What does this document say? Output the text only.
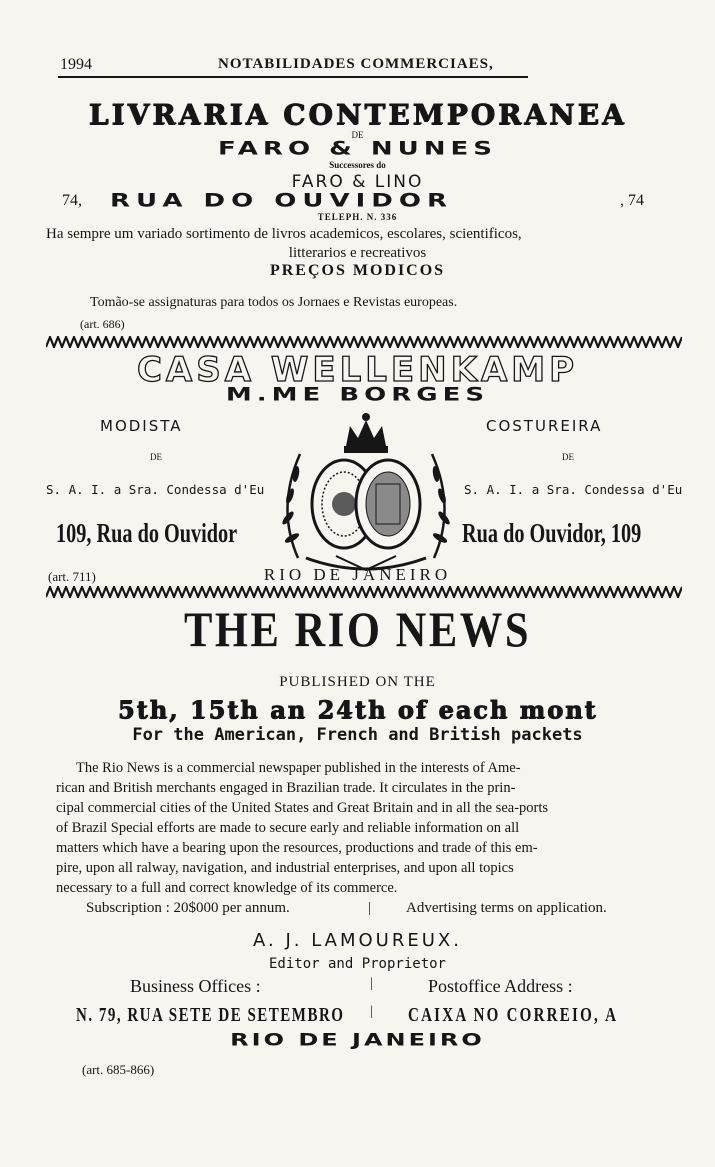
1994	NOTABILIDADES COMMERCIAES,
LIVRARIA CONTEMPORANEA
DE
FARO & NUNES
Successores do
FARO & LINO
74, RUA DO OUVIDOR	, 74
TELEPH. N. 336
Ha sempre um variado sortimento de livros academicos, escolares, scientificos,
litterarios e recreativos
PREÇOS MODICOS
Tomão-se assignaturas para todos os Jornaes e Revistas europeas.
(art. 686)
CASA WELLENKAMP
M.ME BORGES
MODISTA	COSTUREIRA
DE	DE
S. A. I. a Sra. Condessa d'Eu	S. A. I. a Sra. Condessa d'Eu
109, Rua do Ouvidor	Rua do Ouvidor, 109
(art. 711)	RIO DE JANEIRO
THE RIO NEWS
PUBLISHED ON THE
5th, 15th an 24th of each mont
For the American, French and British packets
The Rio News is a commercial newspaper published in the interests of Ame-
rican and British merchants engaged in Brazilian trade. It circulates in the prin-
cipal commercial cities of the United States and Great Britain and in all the sea-ports
of Brazil Special efforts are made to secure early and reliable information on all
matters which have a bearing upon the resources, productions and trade of this em-
pire, upon all ralway, navigation, and industrial enterprises, and upon all topics
necessary to a full and correct knowledge of its commerce.
Subscription : 20$000 per annum.	| Advertising terms on application.
A. J. LAMOUREUX.
Editor and Proprietor
Business Offices :	|	Postoffice Address :
N. 79, RUA SETE DE SETEMBRO | CAIXA NO CORREIO, A
RIO DE JANEIRO
(art. 685-866)
